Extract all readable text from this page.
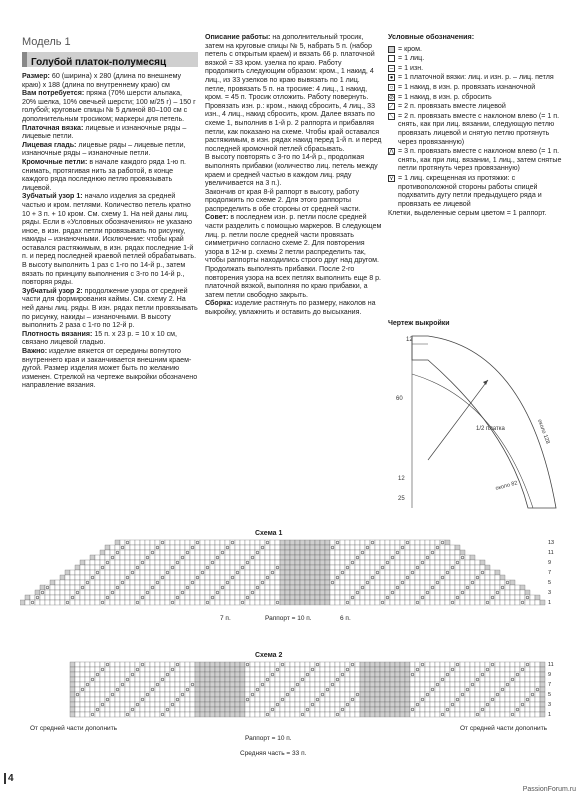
Модель 1
Голубой платок-полумесяц

Размер: 60 (ширина) х 280 (длина по внешнему краю) х 188 (длина по внутреннему краю) см

Вам потребуется: пряжа (70% шерсти альпака, 20% шелка, 10% овечьей шерсти; 100 м/25 г) – 150 г голубой; круговые спицы № 5 длиной 80–100 см с дополнительным тросиком; маркеры для петель.

Платочная вязка: лицевые и изнаночные ряды – лицевые петли.

Лицевая гладь: лицевые ряды – лицевые петли, изнаночные ряды – изнаночные петли.

Кромочные петли: в начале каждого ряда 1-ю п. снимать, протягивая нить за работой, в конце каждого ряда последнюю петлю провязывать лицевой.

Зубчатый узор 1: начало изделия за средней частью и кром. петлями. Количество петель кратно 10 + 3 п. + 10 кром. См. схему 1. На ней даны лиц. ряды. Если в «Условных обозначениях» не указано иное, в изн. рядах петли провязывать по рисунку, накиды – изнаночными. Исключение: чтобы край оставался растяжимым, в изн. рядах последние 1-й п. и перед последней краевой петлей обрабатывать.

В высоту выполнить 1 раз с 1-го по 14-й р., затем вязать по принципу выполнения с 3-го по 14-й р., повторяя ряды.

Зубчатый узор 2: продолжение узора от средней части для формирования каймы. См. схему 2. На ней даны лиц. ряды. В изн. рядах петли провязывать по рисунку, накиды – изнаночными. В высоту выполнить 2 раза с 1-го по 12-й р.

Плотность вязания: 15 п. х 23 р. = 10 х 10 см, связано лицевой гладью.

Важно: изделие вяжется от середины вогнутого внутреннего края и заканчивается внешним краем-дугой. Размер изделия может быть по желанию изменен. Стрелкой на чертеже выкройки обозначено направление вязания.

Описание работы: на дополнительный тросик, затем на круговые спицы № 5, набрать 5 п. (набор петель с открытым краем) и вязать 66 р. платочной вязкой = 33 кром. узелка по краю. Работу продолжить следующим образом: кром., 1 накид, 4 лиц., из 33 узелков по краю вывязать по 1 лиц. петле, провязать 5 п. на тросике: 4 лиц., 1 накид, кром. = 45 п. Тросик отложить. Работу повернуть. Провязать изн. р.: кром., накид сбросить, 4 лиц., 33 изн., 4 лиц., накид сбросить, кром. Далее вязать по схеме 1, выполнив в 1-й р. 2 раппорта и прибавляя петли, как показано на схеме. Чтобы край оставался растяжимым, в изн. рядах накид перед 1-й п. и перед последней кромочной петлей сбрасывать.

В высоту повторять с 3-го по 14-й р., продолжая выполнять прибавки (количество лиц. петель между краем и средней частью в каждом лиц. ряду увеличивается на 3 п.).

Закончив от края 8-й раппорт в высоту, работу продолжить по схеме 2. Для этого раппорты распределить в обе стороны от средней части.

Совет: в последнем изн. р. петли после средней части разделить с помощью маркеров. В следующем лиц. р. петли после средней части провязать симметрично согласно схеме 2. Для повторения узора в 12-м р. схемы 2 петли распределить так, чтобы раппорты находились строго друг над другом. Продолжать выполнять прибавки. После 2-го повторения узора на всех петлях выполнить еще 8 р. платочной вязкой, выполняя по краю прибавки, а затем петли свободно закрыть.

Сборка: изделие растянуть по размеру, наколов на выкройку, увлажнить и оставить до высыхания.

Условные обозначения:
= кром.
= 1 лиц.
– = 1 изн.
● = 1 платочной вязки: лиц. и изн. р. – лиц. петля
○ = 1 накид, в изн. р. провязать изнаночной
⊘ = 1 накид, в изн. р. сбросить
⟋ = 2 п. провязать вместе лицевой
⟍ = 2 п. провязать вместе с наклоном влево (= 1 п. снять, как при лиц. вязании, следующую петлю провязать лицевой и снятую петлю протянуть через провязанную)
⋀ = 3 п. провязать вместе с наклоном влево (= 1 п. снять, как при лиц. вязании, 1 лиц., затем снятые петли протянуть через провязанную)
⋎ = 1 лиц. скрещенная из протяжки: с противоположной стороны работы спицей подхватить дугу петли предыдущего ряда и провязать ее лицевой
Клетки, выделенные серым цветом = 1 раппорт.
Чертеж выкройки
12
60
12
25
1/2 платка	около 128
около 82
Схема 1
13
11
9
7
5
3
1
7 п.	Раппорт = 10 п.	6 п.
Схема 2
11
9
7
5
3
1
От средней части дополнить	От средней части дополнить
Раппорт = 10 п.
Средняя часть = 33 п.
4
PassionForum.ru
